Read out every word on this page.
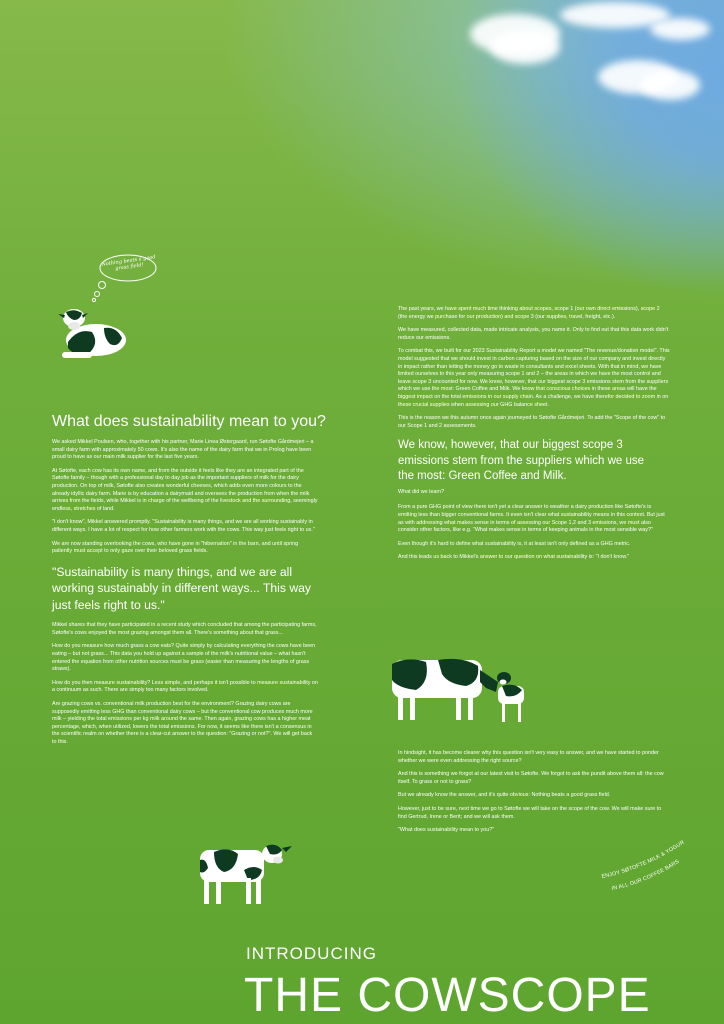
Nothing beats a good grass field!
What does sustainability mean to you?

We asked Mikkel Poulsen, who, together with his partner, Marie Linea Østergaard, run Søtofte Gårdmejeri – a small dairy farm with approximately 50 cows. It's also the name of the dairy farm that we in Prolog have been proud to have as our main milk supplier for the last five years.

At Søtofte, each cow has its own name, and from the outside it feels like they are an integrated part of the Søtofte family – though with a professional day to day job as the important suppliers of milk for the dairy production. On top of milk, Søtofte also creates wonderful cheeses, which adds even more colours to the already idyllic dairy farm. Marie is by education a dairymaid and oversees the production from when the milk arrives from the fields, while Mikkel is in charge of the wellbeing of the livestock and the surrounding, seemingly endless, stretches of land.

"I don't know", Mikkel answered promptly. "Sustainability is many things, and we are all working sustainably in different ways. I have a lot of respect for how other farmers work with the cows. This way just feels right to us."

We are now standing overlooking the cows, who have gone in "hibernation" in the barn, and until spring patiently must accept to only gaze over their beloved grass fields.

"Sustainability is many things, and we are all working sustainably in different ways... This way just feels right to us."

Mikkel shares that they have participated in a recent study which concluded that among the participating farms, Søtofte's cows enjoyed the most grazing amongst them all. There's something about that grass...

How do you measure how much grass a cow eats? Quite simply by calculating everything the cows have been eating – but not grass... This data you hold up against a sample of the milk's nutritional value – what hasn't entered the equation from other nutrition sources must be grass (easier than measuring the lengths of grass straws).

How do you then measure sustainability? Less simple, and perhaps it isn't possible to measure sustainability on a continuum as such. There are simply too many factors involved.

Are grazing cows vs. conventional milk production best for the environment? Grazing dairy cows are supposedly emitting less GHG than conventional dairy cows – but the conventional cow produces much more milk – yielding the total emissions per kg milk around the same. Then again, grazing cows has a higher meat percentage, which, when utilized, lowers the total emissions. For now, it seems like there isn't a consensus in the scientific realm on whether there is a clear-cut answer to the question: "Grazing or not?". We will get back to this.

The past years, we have spent much time thinking about scopes, scope 1 (our own direct emissions), scope 2 (the energy we purchase for our production) and scope 3 (our supplies, travel, freight, etc.).

We have measured, collected data, made intricate analysis, you name it. Only to find out that this data work didn't reduce our emissions.

To combat this, we built for our 2023 Sustainability Report a model we named "The revenue/donation model". This model suggested that we should invest in carbon capturing based on the size of our company and invest directly in impact rather than letting the money go to waste in consultants and excel sheets. With that in mind, we have limited ourselves to this year only measuring scope 1 and 2 – the areas in which we have the most control and leave scope 3 uncounted for now. We know, however, that our biggest scope 3 emissions stem from the suppliers which we use the most: Green Coffee and Milk. We know that conscious choices in these areas will have the biggest impact on the total emissions in our supply chain. As a challenge, we have therefor decided to zoom in on these crucial supplies when assessing our GHG balance sheet.

This is the reason we this autumn once again journeyed to Søtofte Gårdmejeri. To add the "Scope of the cow" to our Scope 1 and 2 assessments.

We know, however, that our biggest scope 3 emissions stem from the suppliers which we use the most: Green Coffee and Milk.

What did we learn?

From a pure GHG point of view there isn't yet a clear answer to weather a dairy production like Søtofte's is emitting less than bigger conventional farms. It even isn't clear what sustainability means in this context. But just as with addressing what makes sense in terms of assessing our Scope 1,2 and 3 emissions, we must also consider other factors, like e.g. "What makes sense in terms of keeping animals in the most sensible way?"

Even though it's hard to define what sustainability is, it at least isn't only defined as a GHG metric.

And this leads us back to Mikkel's answer to our question on what sustainability is: "I don't know."

In hindsight, it has become clearer why this question isn't very easy to answer, and we have started to ponder whether we were even addressing the right source?

And this is something we forgot at our latest visit to Søtofte. We forgot to ask the pundit above them all: the cow itself. To grass or not to grass?

But we already know the answer, and it's quite obvious: Nothing beats a good grass field.

However, just to be sure, next time we go to Søtofte we will take on the scope of the cow. We will make sure to find Gertrud, Irene or Berit; and we will ask them.

"What does sustainability mean to you?"

ENJOY SØTOFTE MILK & YOGUR
IN ALL OUR COFFEE BARS
INTRODUCING
THE COWSCOPE
